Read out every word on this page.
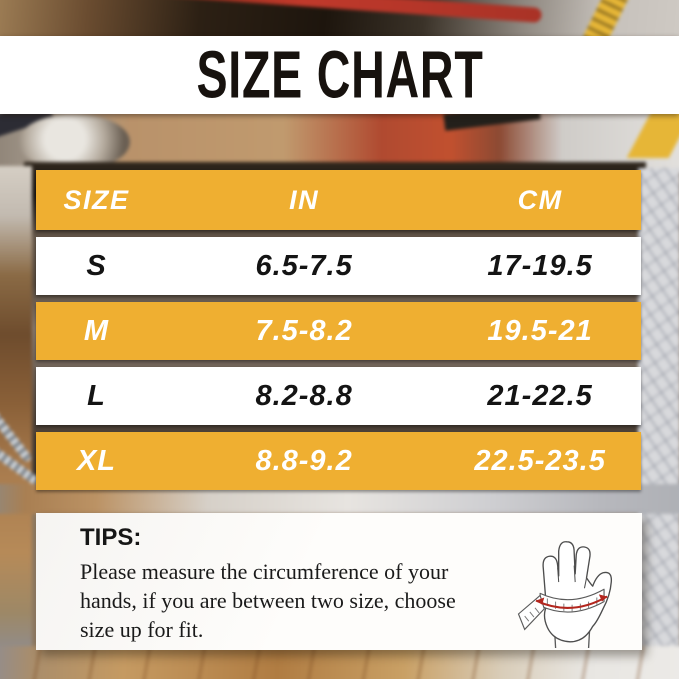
SIZE CHART
SIZE	IN	CM
S	6.5-7.5	17-19.5
M	7.5-8.2	19.5-21
L	8.2-8.8	21-22.5
XL	8.8-9.2	22.5-23.5
TIPS:
Please measure the circumference of your
hands, if you are between two size, choose
size up for fit.
